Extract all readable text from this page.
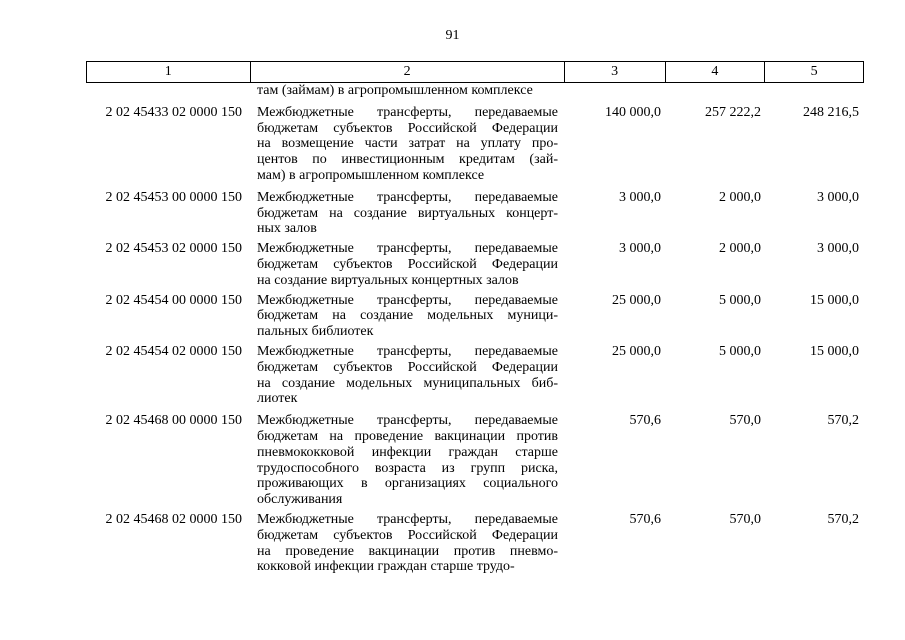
91
1	2	3	4	5
там (займам) в агропромышленном комплексе
2 02 45433 02 0000 150	Межбюджетные трансферты, передаваемые
бюджетам субъектов Российской Федерации
на возмещение части затрат на уплату про-
центов по инвестиционным кредитам (зай-
мам) в агропромышленном комплексе
140 000,0	257 222,2	248 216,5
2 02 45453 00 0000 150	Межбюджетные трансферты, передаваемые
бюджетам на создание виртуальных концерт-
ных залов
3 000,0	2 000,0	3 000,0
2 02 45453 02 0000 150	Межбюджетные трансферты, передаваемые
бюджетам субъектов Российской Федерации
на создание виртуальных концертных залов
3 000,0	2 000,0	3 000,0
2 02 45454 00 0000 150	Межбюджетные трансферты, передаваемые
бюджетам на создание модельных муници-
пальных библиотек
25 000,0	5 000,0	15 000,0
2 02 45454 02 0000 150	Межбюджетные трансферты, передаваемые
бюджетам субъектов Российской Федерации
на создание модельных муниципальных биб-
лиотек
25 000,0	5 000,0	15 000,0
2 02 45468 00 0000 150	Межбюджетные трансферты, передаваемые
бюджетам на проведение вакцинации против
пневмококковой инфекции граждан старше
трудоспособного возраста из групп риска,
проживающих в организациях социального
обслуживания
570,6	570,0	570,2
2 02 45468 02 0000 150	Межбюджетные трансферты, передаваемые
бюджетам субъектов Российской Федерации
на проведение вакцинации против пневмо-
кокковой инфекции граждан старше трудо-
570,6	570,0	570,2
